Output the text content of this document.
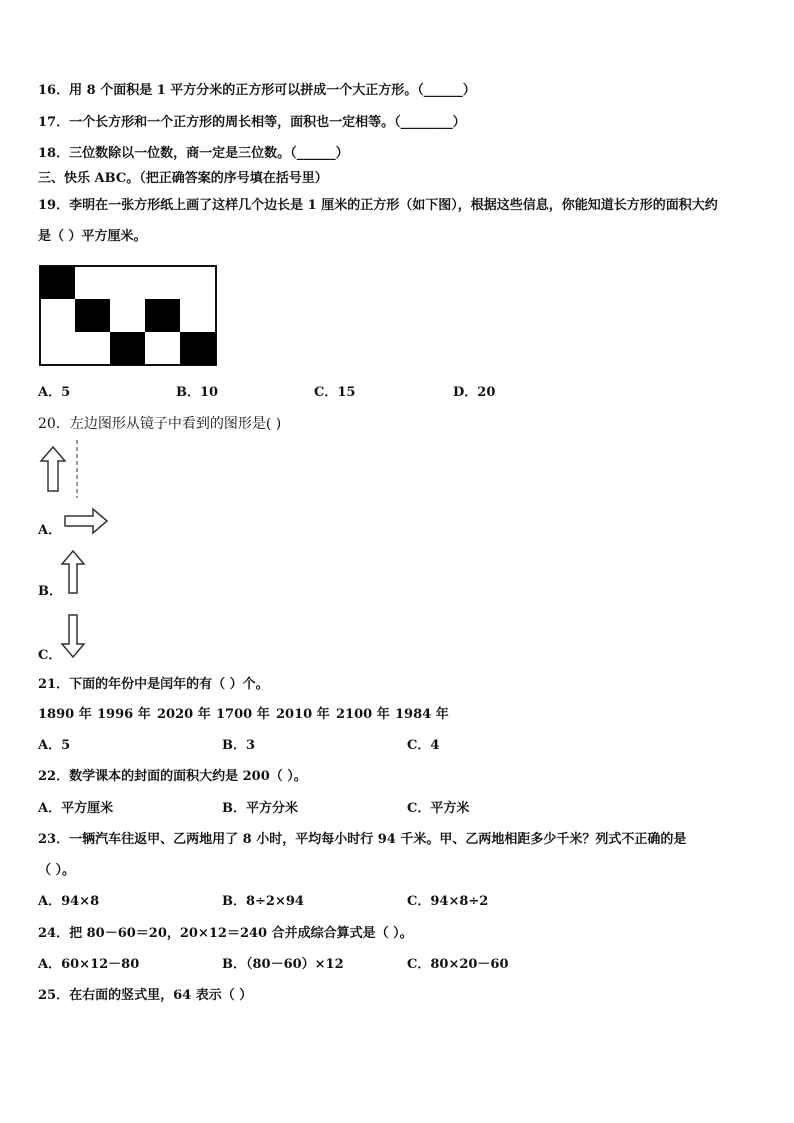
16．用 8 个面积是 1 平方分米的正方形可以拼成一个大正方形。（______）
17．一个长方形和一个正方形的周长相等，面积也一定相等。（________）
18．三位数除以一位数，商一定是三位数。（______）
三、快乐 ABC。（把正确答案的序号填在括号里）
19．李明在一张方形纸上画了这样几个边长是 1 厘米的正方形（如下图），根据这些信息，你能知道长方形的面积大约
是（ ）平方厘米。
A．5	B．10	C．15	D．20
20．左边图形从镜子中看到的图形是( )
A．
B．
C．
21．下面的年份中是闰年的有（ ）个。
1890 年 1996 年 2020 年 1700 年 2010 年 2100 年 1984 年
A．5	B．3	C．4
22．数学课本的封面的面积大约是 200（ ）。
A．平方厘米	B．平方分米	C．平方米
23．一辆汽车往返甲、乙两地用了 8 小时，平均每小时行 94 千米。甲、乙两地相距多少千米？列式不正确的是
（ ）。
A．94×8	B．8÷2×94	C．94×8÷2
24．把 80－60＝20，20×12＝240 合并成综合算式是（ ）。
A．60×12－80	B．（80－60）×12	C．80×20－60
25．在右面的竖式里，64 表示（ ）
